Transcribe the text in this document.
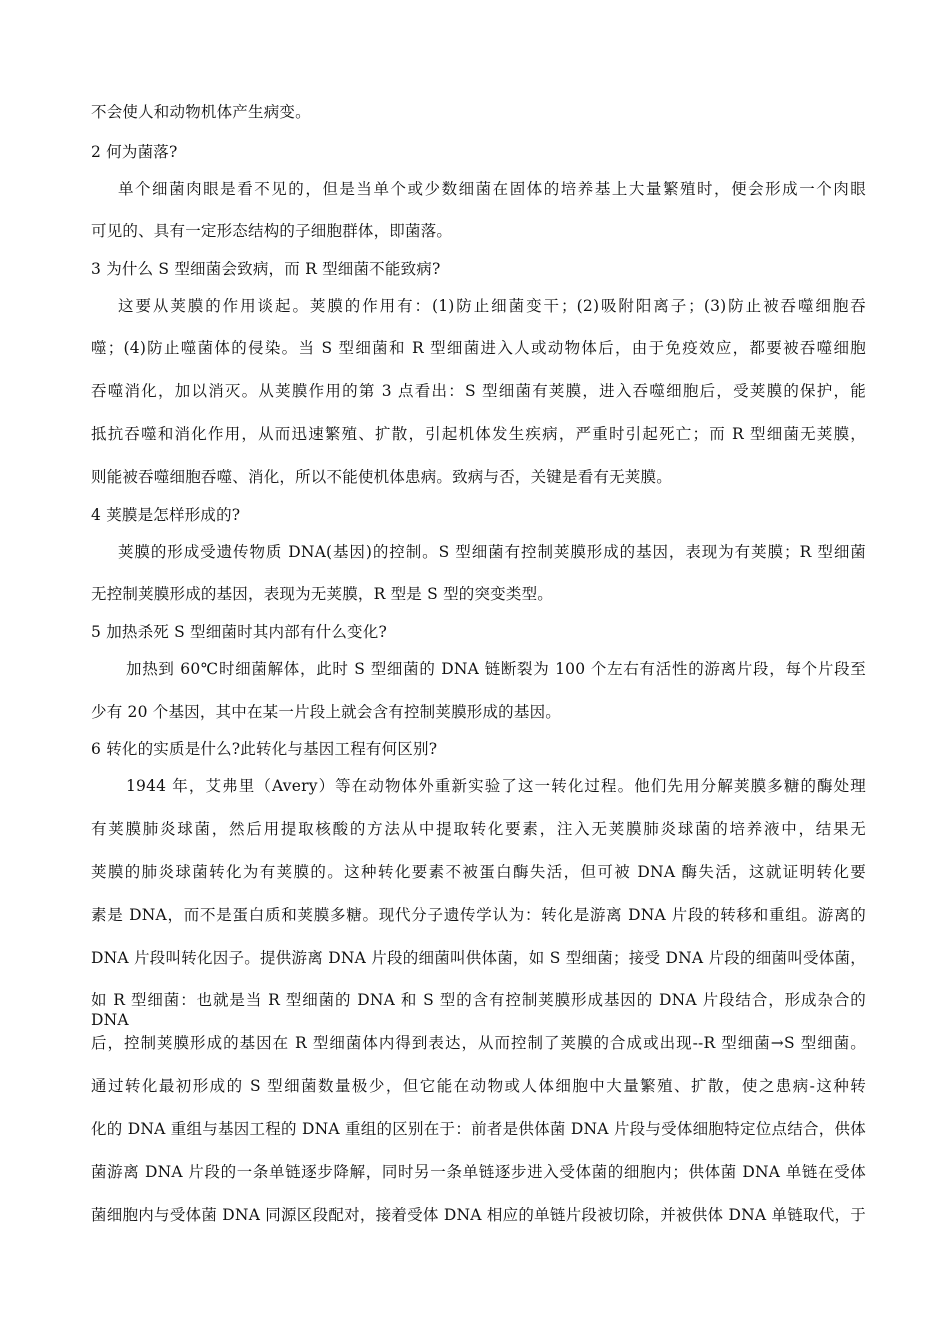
不会使人和动物机体产生病变。
2 何为菌落?
单个细菌肉眼是看不见的，但是当单个或少数细菌在固体的培养基上大量繁殖时，便会形成一个肉眼
可见的、具有一定形态结构的子细胞群体，即菌落。
3 为什么 S 型细菌会致病，而 R 型细菌不能致病?
这要从荚膜的作用谈起。荚膜的作用有：(1)防止细菌变干；(2)吸附阳离子；(3)防止被吞噬细胞吞
噬；(4)防止噬菌体的侵染。当 S 型细菌和 R 型细菌进入人或动物体后，由于免疫效应，都要被吞噬细胞
吞噬消化，加以消灭。从荚膜作用的第 3 点看出：S 型细菌有荚膜，进入吞噬细胞后，受荚膜的保护，能
抵抗吞噬和消化作用，从而迅速繁殖、扩散，引起机体发生疾病，严重时引起死亡；而 R 型细菌无荚膜，
则能被吞噬细胞吞噬、消化，所以不能使机体患病。致病与否，关键是看有无荚膜。
4 荚膜是怎样形成的?
荚膜的形成受遗传物质 DNA(基因)的控制。S 型细菌有控制荚膜形成的基因，表现为有荚膜；R 型细菌
无控制荚膜形成的基因，表现为无荚膜，R 型是 S 型的突变类型。
5 加热杀死 S 型细菌时其内部有什么变化?
加热到 60℃时细菌解体，此时 S 型细菌的 DNA 链断裂为 100 个左右有活性的游离片段，每个片段至
少有 20 个基因，其中在某一片段上就会含有控制荚膜形成的基因。
6 转化的实质是什么?此转化与基因工程有何区别?
1944 年，艾弗里（Avery）等在动物体外重新实验了这一转化过程。他们先用分解荚膜多糖的酶处理
有荚膜肺炎球菌，然后用提取核酸的方法从中提取转化要素，注入无荚膜肺炎球菌的培养液中，结果无
荚膜的肺炎球菌转化为有荚膜的。这种转化要素不被蛋白酶失活，但可被 DNA 酶失活，这就证明转化要
素是 DNA，而不是蛋白质和荚膜多糖。现代分子遗传学认为：转化是游离 DNA 片段的转移和重组。游离的
DNA 片段叫转化因子。提供游离 DNA 片段的细菌叫供体菌，如 S 型细菌；接受 DNA 片段的细菌叫受体菌，
如 R 型细菌：也就是当 R 型细菌的 DNA 和 S 型的含有控制荚膜形成基因的 DNA 片段结合，形成杂合的 DNA
后，控制荚膜形成的基因在 R 型细菌体内得到表达，从而控制了荚膜的合成或出现--R 型细菌→S 型细菌。
通过转化最初形成的 S 型细菌数量极少，但它能在动物或人体细胞中大量繁殖、扩散，使之患病-这种转
化的 DNA 重组与基因工程的 DNA 重组的区别在于：前者是供体菌 DNA 片段与受体细胞特定位点结合，供体
菌游离 DNA 片段的一条单链逐步降解，同时另一条单链逐步进入受体菌的细胞内；供体菌 DNA 单链在受体
菌细胞内与受体菌 DNA 同源区段配对，接着受体 DNA 相应的单链片段被切除，并被供体 DNA 单链取代，于
